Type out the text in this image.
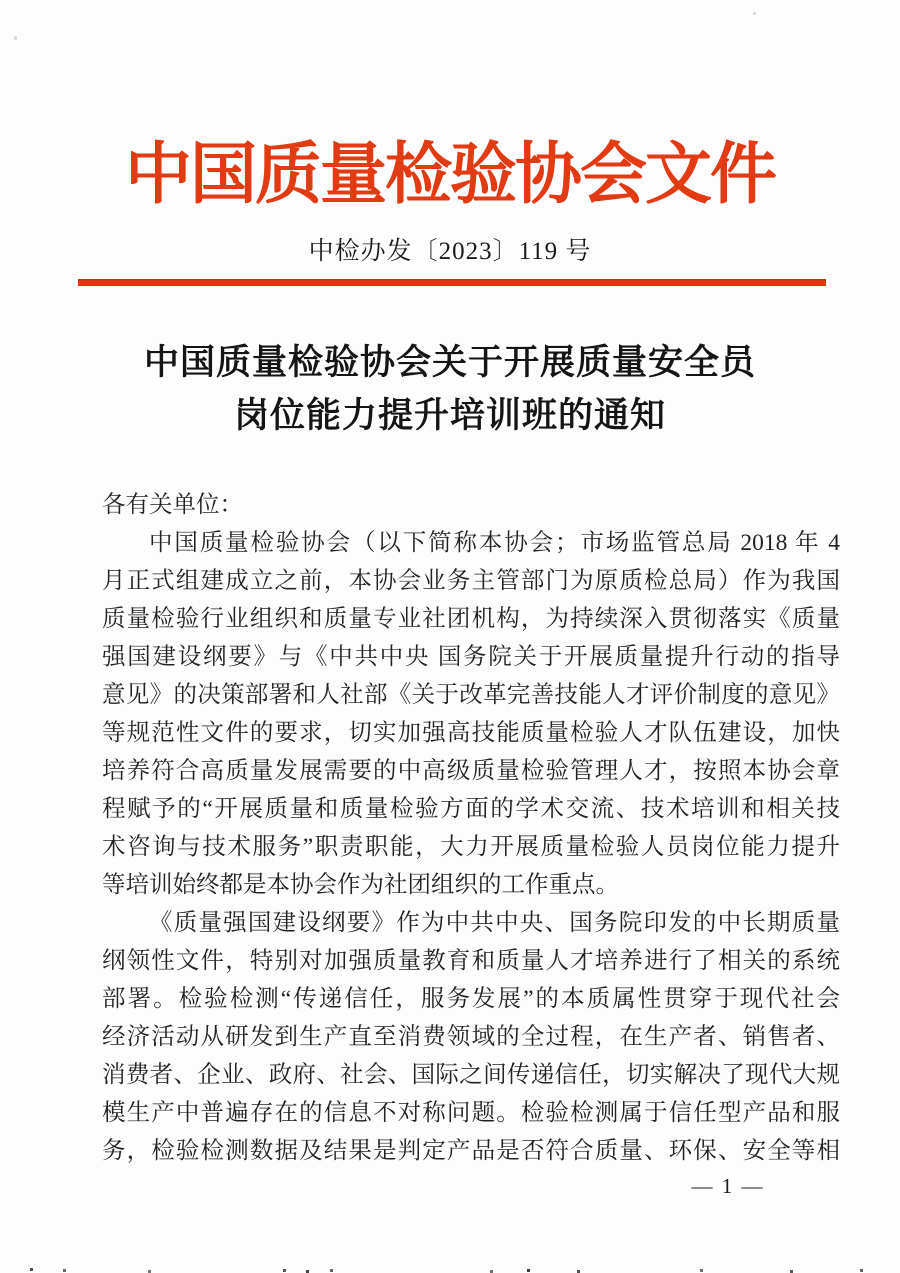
中国质量检验协会文件
中检办发〔2023〕119 号
中国质量检验协会关于开展质量安全员
岗位能力提升培训班的通知
各有关单位：
中国质量检验协会（以下简称本协会；市场监管总局 2018 年 4
月正式组建成立之前，本协会业务主管部门为原质检总局）作为我国
质量检验行业组织和质量专业社团机构，为持续深入贯彻落实《质量
强国建设纲要》与《中共中央 国务院关于开展质量提升行动的指导
意见》的决策部署和人社部《关于改革完善技能人才评价制度的意见》
等规范性文件的要求，切实加强高技能质量检验人才队伍建设，加快
培养符合高质量发展需要的中高级质量检验管理人才，按照本协会章
程赋予的“开展质量和质量检验方面的学术交流、技术培训和相关技
术咨询与技术服务”职责职能，大力开展质量检验人员岗位能力提升
等培训始终都是本协会作为社团组织的工作重点。
《质量强国建设纲要》作为中共中央、国务院印发的中长期质量
纲领性文件，特别对加强质量教育和质量人才培养进行了相关的系统
部署。检验检测“传递信任，服务发展”的本质属性贯穿于现代社会
经济活动从研发到生产直至消费领域的全过程，在生产者、销售者、
消费者、企业、政府、社会、国际之间传递信任，切实解决了现代大规
模生产中普遍存在的信息不对称问题。检验检测属于信任型产品和服
务，检验检测数据及结果是判定产品是否符合质量、环保、安全等相
— 1 —
